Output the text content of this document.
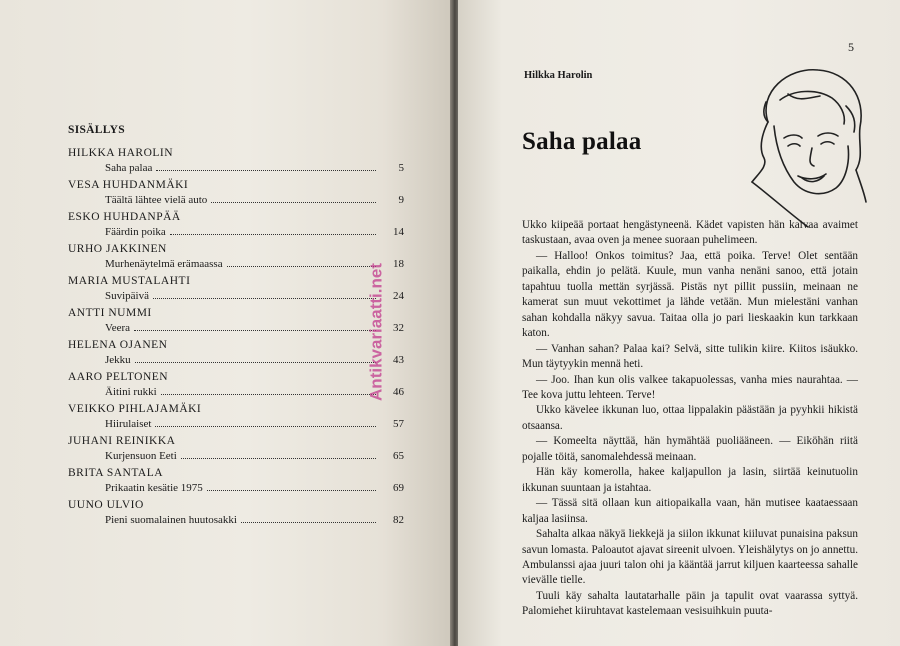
SISÄLLYS
HILKKA HAROLIN
Saha palaa	5
VESA HUHDANMÄKI
Täältä lähtee vielä auto	9
ESKO HUHDANPÄÄ
Fäärdin poika	14
URHO JAKKINEN
Murhenäytelmä erämaassa	18
MARIA MUSTALAHTI
Suvipäivä	24
ANTTI NUMMI
Veera	32
HELENA OJANEN
Jekku	43
AARO PELTONEN
Äitini rukki	46
VEIKKO PIHLAJAMÄKI
Hiirulaiset	57
JUHANI REINIKKA
Kurjensuon Eeti	65
BRITA SANTALA
Prikaatin kesätie 1975	69
UUNO ULVIO
Pieni suomalainen huutosakki	82
Antikvariaatti.net
5
Hilkka Harolin
Saha palaa

Ukko kiipeää portaat hengästyneenä. Kädet vapisten hän kaivaa avaimet taskustaan, avaa oven ja menee suoraan puhelimeen.

— Halloo! Onkos toimitus? Jaa, että poika. Terve! Olet sentään paikalla, ehdin jo pelätä. Kuule, mun vanha nenäni sanoo, että jotain tapahtuu tuolla mettän syrjässä. Pistäs nyt pillit pussiin, meinaan ne kamerat sun muut vekottimet ja lähde vetään. Mun mielestäni vanhan sahan kohdalla näkyy savua. Taitaa olla jo pari lieskaakin kun tarkkaan katon.

— Vanhan sahan? Palaa kai? Selvä, sitte tulikin kiire. Kiitos isäukko. Mun täytyykin mennä heti.

— Joo. Ihan kun olis valkee takapuolessas, vanha mies naurahtaa. — Tee kova juttu lehteen. Terve!

Ukko kävelee ikkunan luo, ottaa lippalakin päästään ja pyyhkii hikistä otsaansa.

— Komeelta näyttää, hän hymähtää puoliääneen. — Eiköhän riitä pojalle töitä, sanomalehdessä meinaan.

Hän käy komerolla, hakee kaljapullon ja lasin, siirtää keinutuolin ikkunan suuntaan ja istahtaa.

— Tässä sitä ollaan kun aitiopaikalla vaan, hän mutisee kaataessaan kaljaa lasiinsa.

Sahalta alkaa näkyä liekkejä ja siilon ikkunat kiiluvat punaisina paksun savun lomasta. Paloautot ajavat sireenit ulvoen. Yleishälytys on jo annettu. Ambulanssi ajaa juuri talon ohi ja kääntää jarrut kiljuen kaarteessa sahalle vievälle tielle.

Tuuli käy sahalta lautatarhalle päin ja tapulit ovat vaarassa syttyä. Palomiehet kiiruhtavat kastelemaan vesisuihkuin puuta-
